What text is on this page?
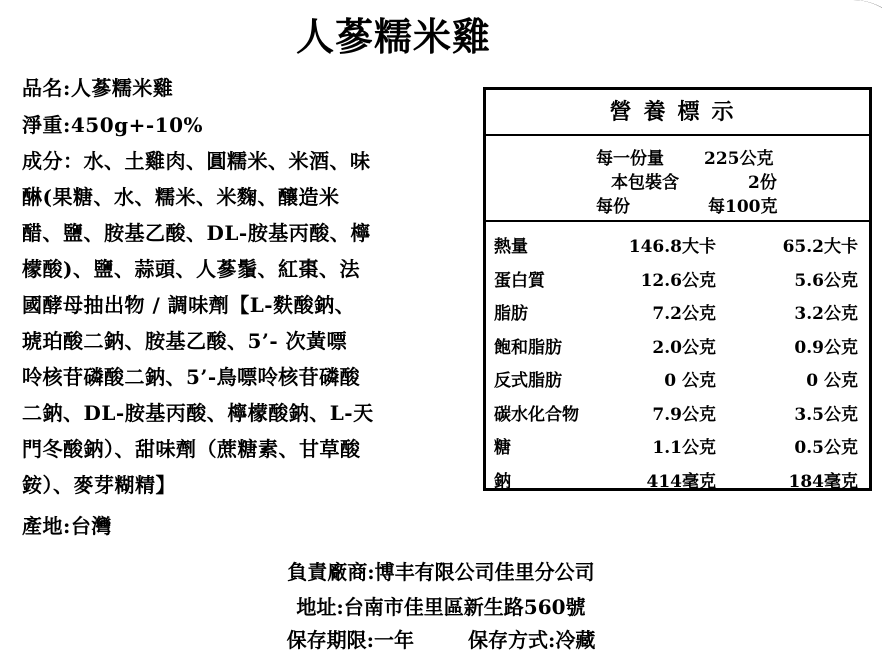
人蔘糯米雞
品名:人蔘糯米雞
淨重:450g+-10%
成分：水、土雞肉、圓糯米、米酒、味
醂(果糖、水、糯米、米麴、釀造米
醋、鹽、胺基乙酸、DL-胺基丙酸、檸
檬酸)、鹽、蒜頭、人蔘鬚、紅棗、法
國酵母抽出物 / 調味劑【L-麩酸鈉、
琥珀酸二鈉、胺基乙酸、5’- 次黃嘌
呤核苷磷酸二鈉、5’-鳥嘌呤核苷磷酸
二鈉、DL-胺基丙酸、檸檬酸鈉、L-天
門冬酸鈉）、甜味劑（蔗糖素、甘草酸
銨）、麥芽糊精】
產地:台灣
營養標示
每一份量 225公克
本包裝含	2份
每份	每100克
熱量	146.8大卡	65.2大卡
蛋白質	12.6公克	5.6公克
脂肪	7.2公克	3.2公克
飽和脂肪	2.0公克	0.9公克
反式脂肪	0 公克	0 公克
碳水化合物	7.9公克	3.5公克
糖	1.1公克	0.5公克
鈉	414毫克	184毫克
負責廠商:博丰有限公司佳里分公司
地址:台南市佳里區新生路560號
保存期限:一年	保存方式:冷藏
